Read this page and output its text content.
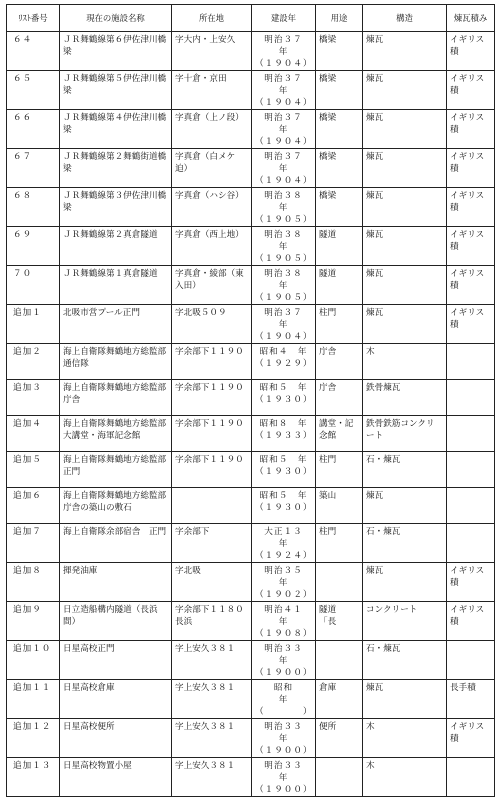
ﾘｽﾄ番号	現在の施設名称	所在地	建設年	用途	構造	煉瓦積み
６４	ＪＲ舞鶴線第６伊佐津川橋梁	字大内・上安久	明治３７　年
（１９０４）	橋梁	煉瓦	イギリス積
６５	ＪＲ舞鶴線第５伊佐津川橋梁	字十倉・京田	明治３７　年
（１９０４）	橋梁	煉瓦	イギリス積
６６	ＪＲ舞鶴線第４伊佐津川橋梁	字真倉（上ノ段）	明治３７　年
（１９０４）	橋梁	煉瓦	イギリス積
６７	ＪＲ舞鶴線第２舞鶴街道橋梁	字真倉（白メケ迫）	明治３７　年
（１９０４）	橋梁	煉瓦	イギリス積
６８	ＪＲ舞鶴線第３伊佐津川橋梁	字真倉（ハシ谷）	明治３８　年
（１９０５）	橋梁	煉瓦	イギリス積
６９	ＪＲ舞鶴線第２真倉隧道	字真倉（西上地）	明治３８　年
（１９０５）	隧道	煉瓦	イギリス積
７０	ＪＲ舞鶴線第１真倉隧道	字真倉・綾部（東入田）	明治３８　年
（１９０５）	隧道	煉瓦	イギリス積
追加１	北吸市営プール正門	字北吸５０９	明治３７　年
（１９０４）	柱門	煉瓦	イギリス積
追加２	海上自衛隊舞鶴地方総監部通信隊	字余部下１１９０	昭和４　年
（１９２９）	庁舎	木	
追加３	海上自衛隊舞鶴地方総監部庁舎	字余部下１１９０	昭和５　年
（１９３０）	庁舎	鉄骨煉瓦	
追加４	海上自衛隊舞鶴地方総監部大講堂・海軍記念館	字余部下１１９０	昭和８　年
（１９３３）	講堂・記念館	鉄骨鉄筋コンクリート	
追加５	海上自衛隊舞鶴地方総監部正門	字余部下１１９０	昭和５　年
（１９３０）	柱門	石・煉瓦	
追加６	海上自衛隊舞鶴地方総監部庁舎の築山の敷石		昭和５　年
（１９３０）	築山	煉瓦	
追加７	海上自衛隊余部宿舎　正門	字余部下	大正１３　年
（１９２４）	柱門	石・煉瓦	
追加８	揮発油庫	字北吸	明治３５　年
（１９０２）		煉瓦	イギリス積
追加９	日立造船構内隧道（長浜間）	字余部下１１８０長浜	明治４１　年
（１９０８）	隧道　　「長	コンクリート	イギリス積
追加１０	日星高校正門	字上安久３８１	明治３３　年
（１９００）		石・煉瓦	
追加１１	日星高校倉庫	字上安久３８１	昭和　　　年
（　　　　）	倉庫	煉瓦	長手積
追加１２	日星高校便所	字上安久３８１	明治３３　年
（１９００）	便所	木	イギリス積
追加１３	日星高校物置小屋	字上安久３８１	明治３３　年
（１９００）		木	
